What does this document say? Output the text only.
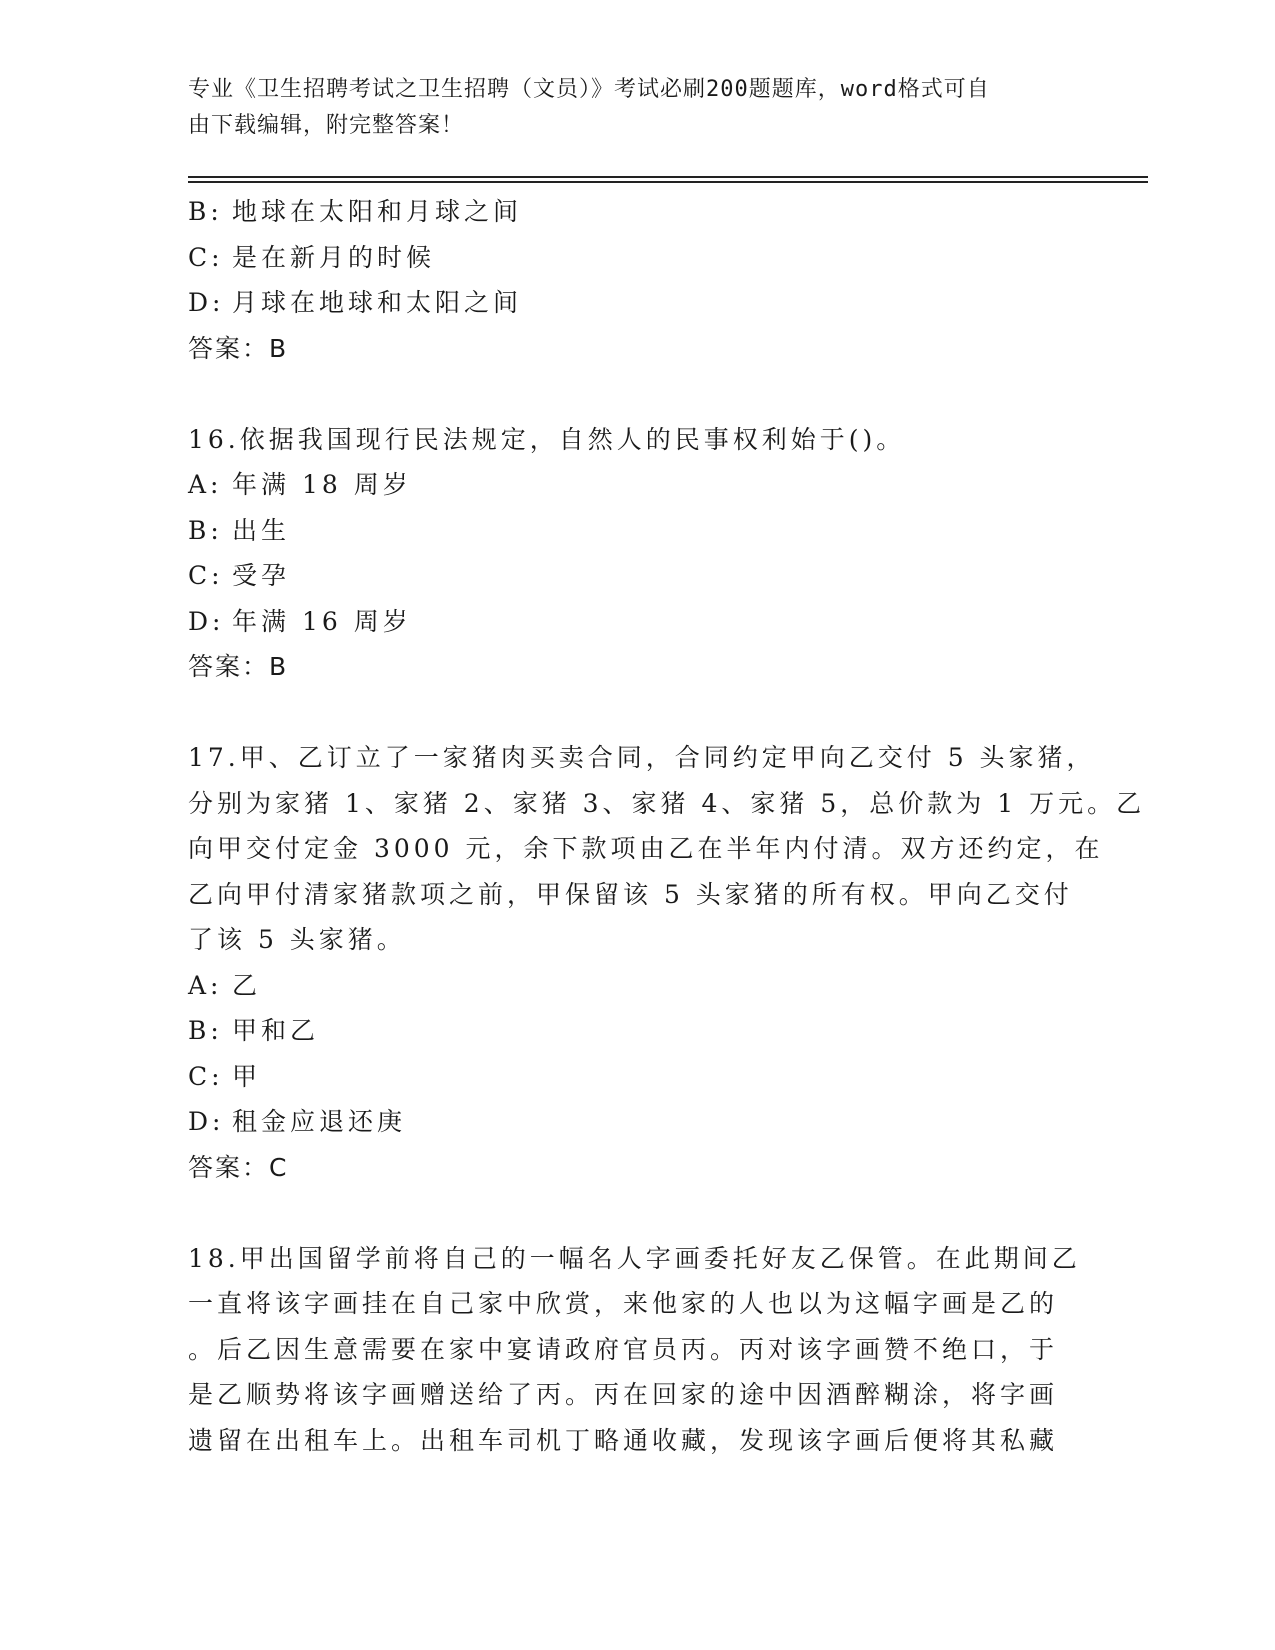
专业《卫生招聘考试之卫生招聘（文员）》考试必刷200题题库，word格式可自
由下载编辑，附完整答案！
B: 地球在太阳和月球之间
C: 是在新月的时候
D: 月球在地球和太阳之间
答案：B
16.依据我国现行民法规定，自然人的民事权利始于()。
A: 年满 18 周岁
B: 出生
C: 受孕
D: 年满 16 周岁
答案：B
17.甲、乙订立了一家猪肉买卖合同，合同约定甲向乙交付 5 头家猪，
分别为家猪 1、家猪 2、家猪 3、家猪 4、家猪 5，总价款为 1 万元。乙
向甲交付定金 3000 元，余下款项由乙在半年内付清。双方还约定，在
乙向甲付清家猪款项之前，甲保留该 5 头家猪的所有权。甲向乙交付
了该 5 头家猪。
A: 乙
B: 甲和乙
C: 甲
D: 租金应退还庚
答案：C
18.甲出国留学前将自己的一幅名人字画委托好友乙保管。在此期间乙
一直将该字画挂在自己家中欣赏，来他家的人也以为这幅字画是乙的
。后乙因生意需要在家中宴请政府官员丙。丙对该字画赞不绝口，于
是乙顺势将该字画赠送给了丙。丙在回家的途中因酒醉糊涂，将字画
遗留在出租车上。出租车司机丁略通收藏，发现该字画后便将其私藏
